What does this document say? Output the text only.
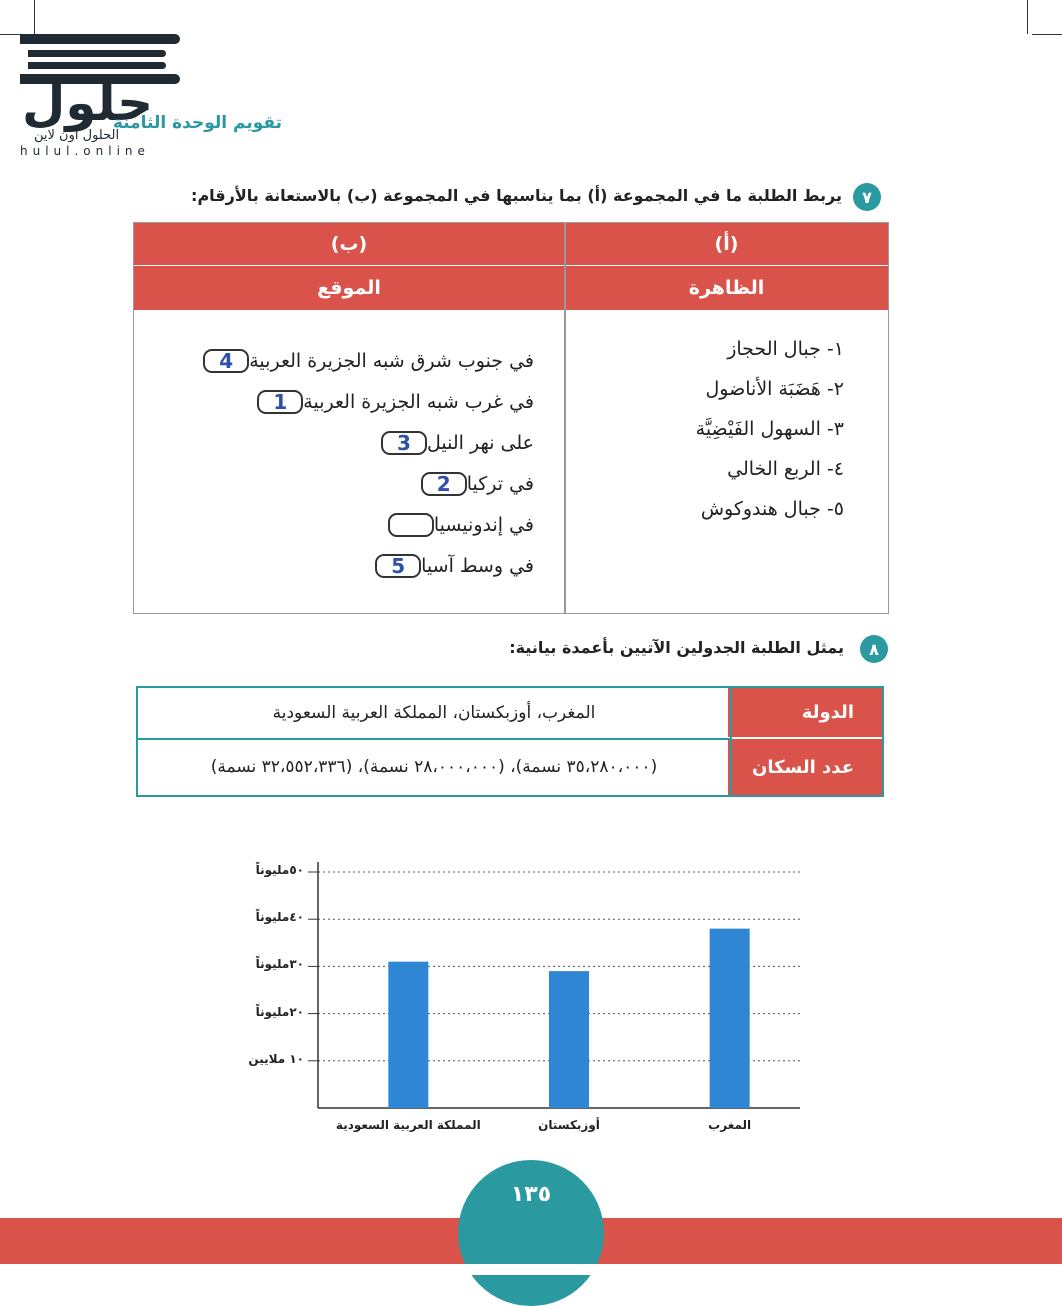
حلول
الحلول اون لاين
hulul.online
تقويم الوحدة الثامنة
٧
يربط الطلبة ما في المجموعة (أ) بما يناسبها في المجموعة (ب) بالاستعانة بالأرقام:
(أ)
(ب)
الظاهرة
الموقع
١- جبال الحجاز
٢- هَضَبَة الأناضول
٣- السهول الفَيْضِيَّة
٤- الربع الخالي
٥- جبال هندوكوش
في جنوب شرق شبه الجزيرة العربية
4
في غرب شبه الجزيرة العربية
1
على نهر النيل
3
في تركيا
2
في إندونيسيا
في وسط آسيا
5
٨
يمثل الطلبة الجدولين الآتيين بأعمدة بيانية:
الدولة
عدد السكان
المغرب، أوزبكستان، المملكة العربية السعودية
(٣٥،٢٨٠،٠٠٠ نسمة)، (٢٨،٠٠٠،٠٠٠ نسمة)، (٣٢،٥٥٢،٣٣٦ نسمة)
١٠ ملايين
٢٠مليوناً
٣٠مليوناً
٤٠مليوناً
٥٠مليوناً
المملكة العربية السعودية	أوزبكستان	المغرب
١٣٥
